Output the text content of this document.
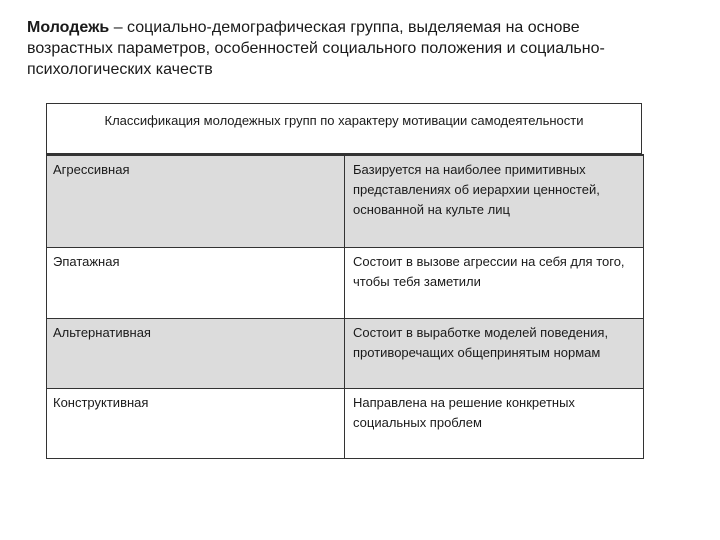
Молодежь – социально-демографическая группа, выделяемая на основе возрастных параметров, особенностей социального положения и социально-психологических качеств
Классификация молодежных групп по характеру мотивации самодеятельности
Агрессивная	Базируется на наиболее примитивных представлениях об иерархии ценностей, основанной на культе лиц
Эпатажная	Состоит в вызове агрессии на себя для того, чтобы тебя заметили
Альтернативная	Состоит в выработке моделей поведения, противоречащих общепринятым нормам
Конструктивная	Направлена на решение конкретных социальных проблем
